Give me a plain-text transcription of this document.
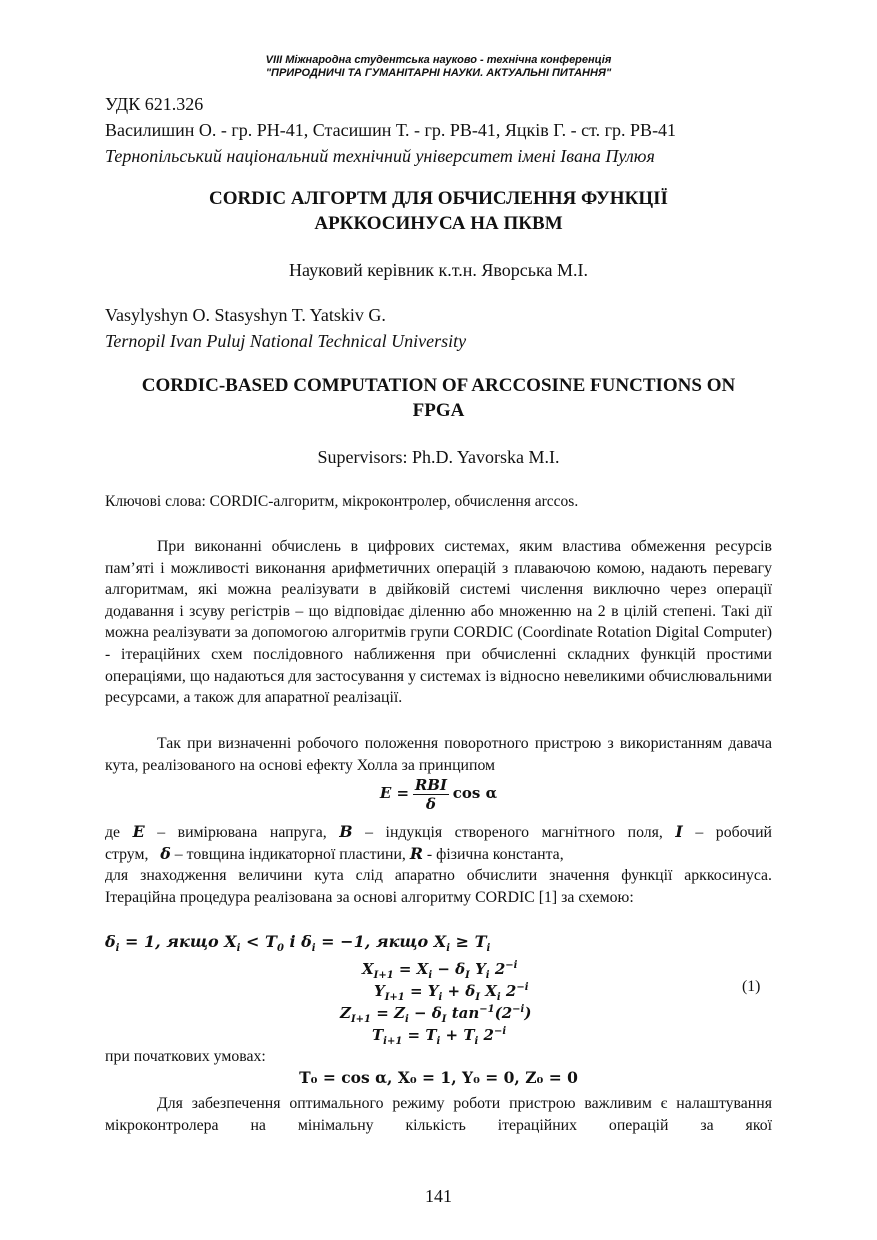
VIII Міжнародна студентська науково - технічна конференція
"ПРИРОДНИЧІ ТА ГУМАНІТАРНІ НАУКИ. АКТУАЛЬНІ ПИТАННЯ"
УДК 621.326
Василишин О. - гр. РН-41, Стасишин Т. - гр. РВ-41, Яцків Г. - ст. гр. РВ-41
Тернопільський національний технічний університет імені Івана Пулюя
CORDIC АЛГОРТМ ДЛЯ ОБЧИСЛЕННЯ ФУНКЦІЇ
АРККОСИНУСА НА ПКВМ
Науковий керівник к.т.н. Яворська М.І.
Vasylyshyn O. Stasyshyn T. Yatskiv G.
Ternopil Ivan Puluj National Technical University
CORDIC-BASED COMPUTATION OF ARCCOSINE FUNCTIONS ON
FPGA
Supervisors: Ph.D. Yavorska M.I.
Ключові слова: CORDIC-алгоритм, мікроконтролер, обчислення arccos.

При виконанні обчислень в цифрових системах, яким властива обмеження ресурсів пам’яті і можливості виконання арифметичних операцій з плаваючою комою, надають перевагу алгоритмам, які можна реалізувати в двійковій системі числення виключно через операції додавання і зсуву регістрів – що відповідає діленню або множенню на 2 в цілій степені. Такі дії можна реалізувати за допомогою алгоритмів групи CORDIC (Coordinate Rotation Digital Computer) - ітераційних схем послідовного наближення при обчисленні складних функцій простими операціями, що надаються для застосування у системах із відносно невеликими обчислювальними ресурсами, а також для апаратної реалізації.

Так при визначенні робочого положення поворотного пристрою з використанням давача кута, реалізованого на основі ефекту Холла за принципом

$E = \frac{\text{RBI}}{\delta}$ cos α
де E – вимірювана напруга, B – індукція створеного магнітного поля, I – робочий
струм, δ – товщина індикаторної пластини, R - фізична константа,

для знаходження величини кута слід апаратно обчислити значення функції арккосинуса. Ітераційна процедура реалізована за основі алгоритму CORDIC [1] за схемою:

$\delta_i = 1$, якщо $X_i < T_0$ і $\delta_i = -1$, якщо $X_i \ge T_i$
$X_{I+1} = X_i - \delta_I$ $Y_i$ $2^{-i}$
$Y_{I+1} = Y_i + \delta_I$ $X_i$ $2^{-i}$
$Z_{I+1} = Z_i - \delta_I$ $\tan^{-1}(2^{-i})$
$T_{i+1} = T_i + T_i$ $2^{-i}$
(1)
при початкових умовах:
T₀ = cos α, X₀ = 1, Y₀ = 0, Z₀ = 0

Для забезпечення оптимального режиму роботи пристрою важливим є налаштування мікроконтролера на мінімальну кількість ітераційних операцій за якої

141
